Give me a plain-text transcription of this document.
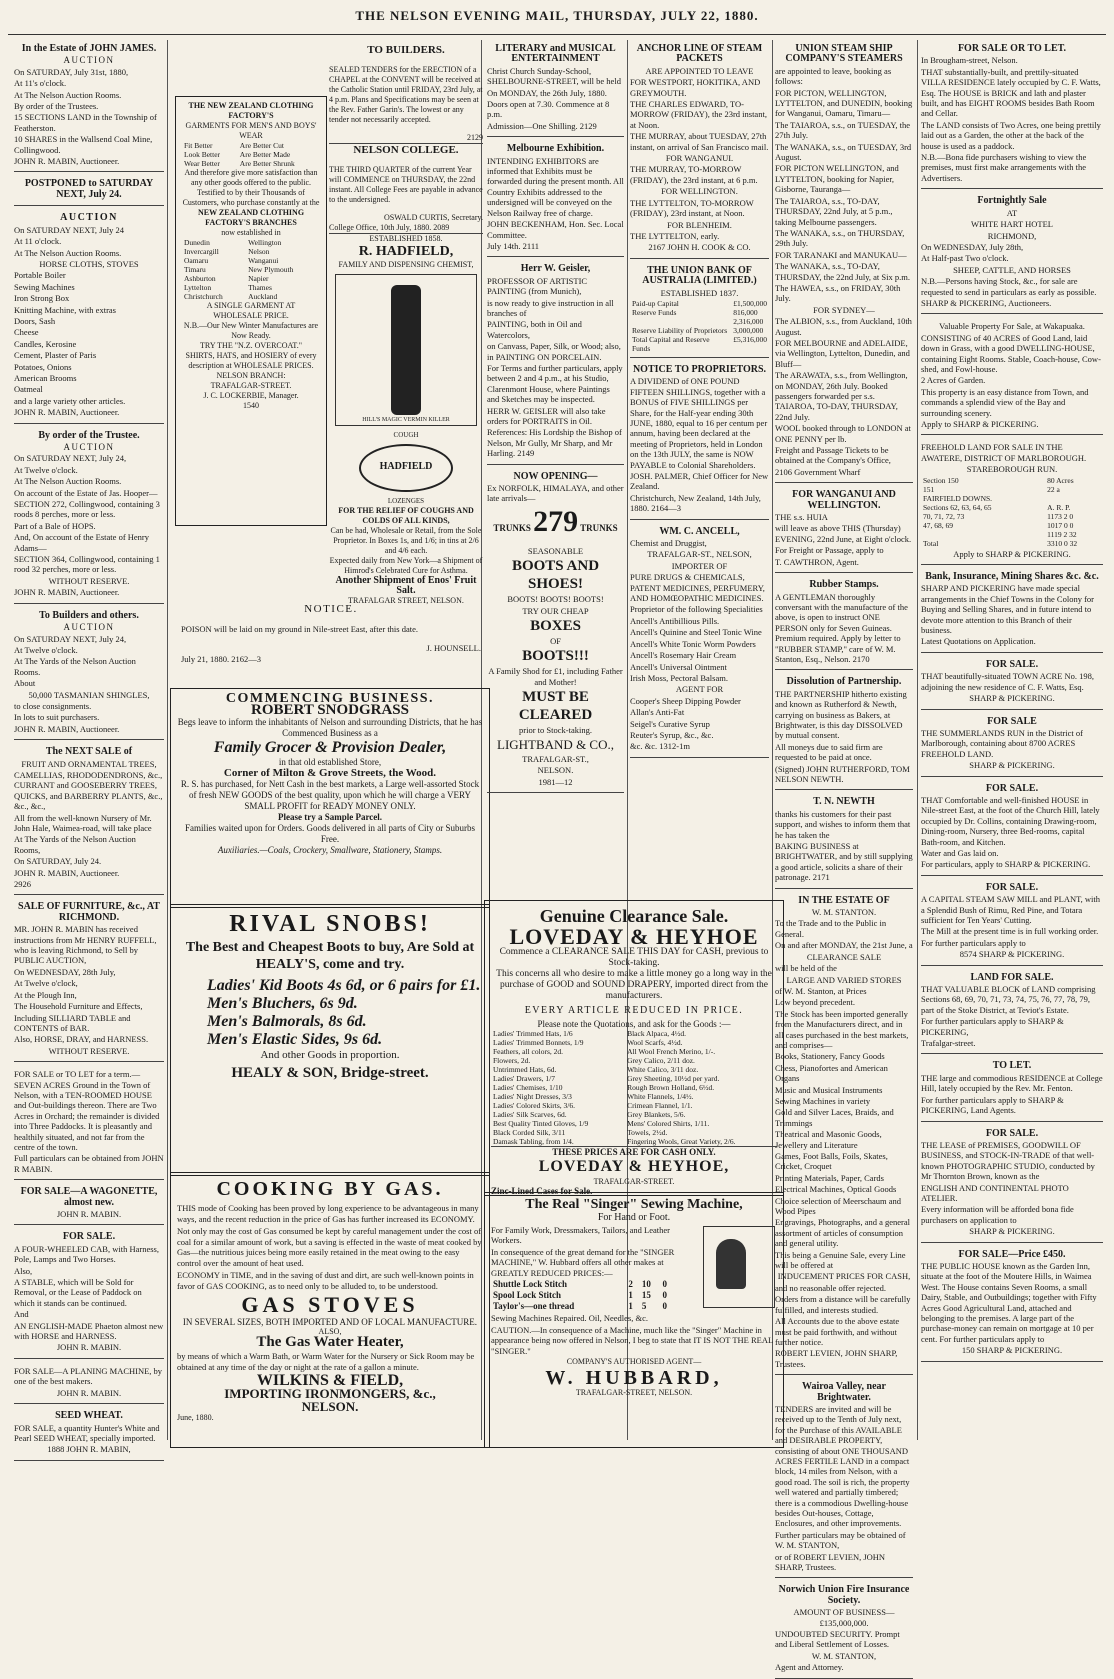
THE NELSON EVENING MAIL, THURSDAY, JULY 22, 1880.

In the Estate of JOHN JAMES.

AUCTION

On SATURDAY, July 31st, 1880,

At 11's o'clock.

At The Nelson Auction Rooms.

By order of the Trustees.

15 SECTIONS LAND in the Township of Featherston.

10 SHARES in the Wallsend Coal Mine, Collingwood.

JOHN R. MABIN, Auctioneer.

POSTPONED to SATURDAY NEXT, July 24.

AUCTION

On SATURDAY NEXT, July 24

At 11 o'clock.

At The Nelson Auction Rooms.

HORSE CLOTHS, STOVES

Portable Boiler

Sewing Machines

Iron Strong Box

Knitting Machine, with extras

Doors, Sash

Cheese

Candles, Kerosine

Cement, Plaster of Paris

Potatoes, Onions

American Brooms

Oatmeal

and a large variety other articles.

JOHN R. MABIN, Auctioneer.

By order of the Trustee.

AUCTION

On SATURDAY NEXT, July 24,

At Twelve o'clock.

At The Nelson Auction Rooms.

On account of the Estate of Jas. Hooper—

SECTION 272, Collingwood, containing 3 roods 8 perches, more or less.

Part of a Bale of HOPS.

And, On account of the Estate of Henry Adams—

SECTION 364, Collingwood, containing 1 rood 32 perches, more or less.

WITHOUT RESERVE.

JOHN R. MABIN, Auctioneer.

To Builders and others.

AUCTION

On SATURDAY NEXT, July 24,

At Twelve o'clock.

At The Yards of the Nelson Auction Rooms.

About

50,000 TASMANIAN SHINGLES,

to close consignments.

In lots to suit purchasers.

JOHN R. MABIN, Auctioneer.

The NEXT SALE of

FRUIT AND ORNAMENTAL TREES,

CAMELLIAS, RHODODENDRONS, &c., CURRANT and GOOSEBERRY TREES, QUICKS, and BARBERRY PLANTS, &c., &c., &c.,

All from the well-known Nursery of Mr. John Hale, Waimea-road, will take place

At The Yards of the Nelson Auction Rooms,

On SATURDAY, July 24.

JOHN R. MABIN, Auctioneer.

2926

SALE OF FURNITURE, &c., AT RICHMOND.

MR. JOHN R. MABIN has received instructions from Mr HENRY RUFFELL, who is leaving Richmond, to Sell by PUBLIC AUCTION,

On WEDNESDAY, 28th July,

At Twelve o'clock,

At the Plough Inn,

The Household Furniture and Effects,

Including SILLIARD TABLE and CONTENTS of BAR.

Also, HORSE, DRAY, and HARNESS.

WITHOUT RESERVE.

FOR SALE or TO LET for a term.—SEVEN ACRES Ground in the Town of Nelson, with a TEN-ROOMED HOUSE and Out-buildings thereon. There are Two Acres in Orchard; the remainder is divided into Three Paddocks. It is pleasantly and healthily situated, and not far from the centre of the town.

Full particulars can be obtained from JOHN R MABIN.

FOR SALE—A WAGONETTE, almost new.

JOHN R. MABIN.

FOR SALE.

A FOUR-WHEELED CAB, with Harness, Pole, Lamps and Two Horses.

Also,

A STABLE, which will be Sold for Removal, or the Lease of Paddock on which it stands can be continued.

And

AN ENGLISH-MADE Phaeton almost new with HORSE and HARNESS.

JOHN R. MABIN.

FOR SALE—A PLANING MACHINE, by one of the best makers.

JOHN R. MABIN.

SEED WHEAT.

FOR SALE, a quantity Hunter's White and Pearl SEED WHEAT, specially imported.

1888 JOHN R. MABIN,

THE NEW ZEALAND CLOTHING FACTORY'S
GARMENTS FOR MEN'S AND BOYS' WEAR
Fit Better	Are Better Cut
Look Better	Are Better Made
Wear Better	Are Better Shrunk
And therefore give more satisfaction than any other goods offered to the public.
Testified to by their Thousands of Customers, who purchase constantly at the
NEW ZEALAND CLOTHING FACTORY'S BRANCHES
now established in
Dunedin	Wellington
Invercargill	Nelson
Oamaru	Wanganui
Timaru	New Plymouth
Ashburton	Napier
Lyttelton	Thames
Christchurch	Auckland
A SINGLE GARMENT AT WHOLESALE PRICE.
N.B.—Our New Winter Manufactures are Now Ready.
TRY THE "N.Z. OVERCOAT."
SHIRTS, HATS, and HOSIERY of every description at WHOLESALE PRICES.
NELSON BRANCH:
TRAFALGAR-STREET.
J. C. LOCKERBIE, Manager.
1540
TO BUILDERS.

SEALED TENDERS for the ERECTION of a CHAPEL at the CONVENT will be received at the Catholic Station until FRIDAY, 23rd July, at 4 p.m. Plans and Specifications may be seen at the Rev. Father Garin's. The lowest or any tender not necessarily accepted.

2129
NELSON COLLEGE.

THE THIRD QUARTER of the current Year will COMMENCE on THURSDAY, the 22nd instant. All College Fees are payable in advance to the undersigned.

OSWALD CURTIS, Secretary.
College Office, 10th July, 1880. 2089
ESTABLISHED 1858.
R. HADFIELD,
FAMILY AND DISPENSING CHEMIST,
HILL'S MAGIC VERMIN KILLER
COUGH
HADFIELD
LOZENGES
FOR THE RELIEF OF COUGHS AND COLDS OF ALL KINDS,
Can be had, Wholesale or Retail, from the Sole Proprietor. In Boxes 1s, and 1/6; in tins at 2/6 and 4/6 each.
Expected daily from New York—a Shipment of Himrod's Celebrated Cure for Asthma.
Another Shipment of Enos' Fruit Salt.
TRAFALGAR STREET, NELSON.
NOTICE.

POISON will be laid on my ground in Nile-street East, after this date.

J. HOUNSELL.
July 21, 1880. 2162—3
COMMENCING BUSINESS.
ROBERT SNODGRASS
Begs leave to inform the inhabitants of Nelson and surrounding Districts, that he has Commenced Business as a
Family Grocer & Provision Dealer,
in that old established Store,
Corner of Milton & Grove Streets, the Wood.
R. S. has purchased, for Nett Cash in the best markets, a Large well-assorted Stock of fresh NEW GOODS of the best quality, upon which he will charge a VERY SMALL PROFIT for READY MONEY ONLY.
Please try a Sample Parcel.
Families waited upon for Orders. Goods delivered in all parts of City or Suburbs Free.
Auxiliaries.—Coals, Crockery, Smallware, Stationery, Stamps.
RIVAL SNOBS!
The Best and Cheapest Boots to buy, Are Sold at HEALY'S, come and try.
Ladies' Kid Boots 4s 6d, or 6 pairs for £1.
Men's Bluchers, 6s 9d.
Men's Balmorals, 8s 6d.
Men's Elastic Sides, 9s 6d.
And other Goods in proportion.
HEALY & SON, Bridge-street.
COOKING BY GAS.

THIS mode of Cooking has been proved by long experience to be advantageous in many ways, and the recent reduction in the price of Gas has further increased its ECONOMY.

Not only may the cost of Gas consumed be kept by careful management under the cost of coal for a similar amount of work, but a saving is effected in the waste of meat cooked by Gas—the nutritious juices being more easily retained in the meat owing to the easy control over the amount of heat used.

ECONOMY in TIME, and in the saving of dust and dirt, are such well-known points in favor of GAS COOKING, as to need only to be alluded to, to be understood.

GAS STOVES
IN SEVERAL SIZES, BOTH IMPORTED AND OF LOCAL MANUFACTURE.
ALSO,
The Gas Water Heater,

by means of which a Warm Bath, or Warm Water for the Nursery or Sick Room may be obtained at any time of the day or night at the rate of a gallon a minute.

WILKINS & FIELD,
IMPORTING IRONMONGERS, &c.,
NELSON.
June, 1880.

LITERARY and MUSICAL ENTERTAINMENT

Christ Church Sunday-School, SHELBOURNE-STREET, will be held

On MONDAY, the 26th July, 1880.

Doors open at 7.30. Commence at 8 p.m.

Admission—One Shilling. 2129

Melbourne Exhibition.

INTENDING EXHIBITORS are informed that Exhibits must be forwarded during the present month. All Country Exhibits addressed to the undersigned will be conveyed on the Nelson Railway free of charge.

JOHN BECKENHAM, Hon. Sec. Local Committee.

July 14th. 2111

Herr W. Geisler,

PROFESSOR OF ARTISTIC PAINTING (from Munich),

is now ready to give instruction in all branches of

PAINTING, both in Oil and Watercolors,

on Canvass, Paper, Silk, or Wood; also, in PAINTING ON PORCELAIN.

For Terms and further particulars, apply between 2 and 4 p.m., at his Studio, Clarenmont House, where Paintings and Sketches may be inspected.

HERR W. GEISLER will also take orders for PORTRAITS in Oil.

References: His Lordship the Bishop of Nelson, Mr Gully, Mr Sharp, and Mr Harling. 2149

NOW OPENING—

Ex NORFOLK, HIMALAYA, and other late arrivals—

TRUNKS 279 TRUNKS

SEASONABLE

BOOTS AND SHOES!

BOOTS! BOOTS! BOOTS!

TRY OUR CHEAP

BOXES

OF

BOOTS!!!

A Family Shod for £1, including Father and Mother!

MUST BE CLEARED

prior to Stock-taking.

LIGHTBAND & CO.,

TRAFALGAR-ST.,

NELSON.

1981—12

ANCHOR LINE OF STEAM PACKETS

ARE APPOINTED TO LEAVE

FOR WESTPORT, HOKITIKA, AND GREYMOUTH.

THE CHARLES EDWARD, TO-MORROW (FRIDAY), the 23rd instant, at Noon.

THE MURRAY, about TUESDAY, 27th instant, on arrival of San Francisco mail.

FOR WANGANUI.

THE MURRAY, TO-MORROW (FRIDAY), the 23rd instant, at 6 p.m.

FOR WELLINGTON.

THE LYTTELTON, TO-MORROW (FRIDAY), 23rd instant, at Noon.

FOR BLENHEIM.

THE LYTTELTON, early.

2167 JOHN H. COOK & CO.

THE UNION BANK OF AUSTRALIA (LIMITED.)

ESTABLISHED 1837.

Paid-up Capital	£1,500,000
Reserve Funds	816,000
	2,316,000
Reserve Liability of Proprietors	3,000,000
Total Capital and Reserve Funds	£5,316,000

NOTICE TO PROPRIETORS.

A DIVIDEND of ONE POUND FIFTEEN SHILLINGS, together with a BONUS of FIVE SHILLINGS per Share, for the Half-year ending 30th JUNE, 1880, equal to 16 per centum per annum, having been declared at the meeting of Proprietors, held in London on the 13th JULY, the same is NOW PAYABLE to Colonial Shareholders.

JOSH. PALMER, Chief Officer for New Zealand.

Christchurch, New Zealand, 14th July, 1880. 2164—3

WM. C. ANCELL,

Chemist and Druggist,

TRAFALGAR-ST., NELSON,

IMPORTER OF

PURE DRUGS & CHEMICALS, PATENT MEDICINES, PERFUMERY, AND HOMŒOPATHIC MEDICINES.

Proprietor of the following Specialities

Ancell's Antibillious Pills.

Ancell's Quinine and Steel Tonic Wine

Ancell's White Tonic Worm Powders

Ancell's Rosemary Hair Cream

Ancell's Universal Ointment

Irish Moss, Pectoral Balsam.

AGENT FOR

Cooper's Sheep Dipping Powder

Allan's Anti-Fat

Seigel's Curative Syrup

Reuter's Syrup, &c., &c.

&c. &c. 1312-1m

UNION STEAM SHIP COMPANY'S STEAMERS

are appointed to leave, booking as follows:

FOR PICTON, WELLINGTON, LYTTELTON, and DUNEDIN, booking for Wanganui, Oamaru, Timaru—

The TAIAROA, s.s., on TUESDAY, the 27th July.

The WANAKA, s.s., on TUESDAY, 3rd August.

FOR PICTON WELLINGTON, and LYTTELTON, booking for Napier, Gisborne, Tauranga—

The TAIAROA, s.s., TO-DAY, THURSDAY, 22nd July, at 5 p.m., taking Melbourne passengers.

The WANAKA, s.s., on THURSDAY, 29th July.

FOR TARANAKI and MANUKAU—

The WANAKA, s.s., TO-DAY, THURSDAY, the 22nd July, at Six p.m.

The HAWEA, s.s., on FRIDAY, 30th July.

FOR SYDNEY—

The ALBION, s.s., from Auckland, 10th August.

FOR MELBOURNE and ADELAIDE, via Wellington, Lyttelton, Dunedin, and Bluff—

The ARAWATA, s.s., from Wellington, on MONDAY, 26th July. Booked passengers forwarded per s.s. TAIAROA, TO-DAY, THURSDAY, 22nd July.

WOOL booked through to LONDON at ONE PENNY per lb.

Freight and Passage Tickets to be obtained at the Company's Office,

2106 Government Wharf

FOR WANGANUI AND WELLINGTON.

THE s.s. HUIA

will leave as above THIS (Thursday) EVENING, 22nd June, at Eight o'clock.

For Freight or Passage, apply to

T. CAWTHRON, Agent.

Rubber Stamps.

A GENTLEMAN thoroughly conversant with the manufacture of the above, is open to instruct ONE PERSON only for Seven Guineas. Premium required. Apply by letter to "RUBBER STAMP," care of W. M. Stanton, Esq., Nelson. 2170

Dissolution of Partnership.

THE PARTNERSHIP hitherto existing and known as Rutherford & Newth, carrying on business as Bakers, at Brightwater, is this day DISSOLVED by mutual consent.

All moneys due to said firm are requested to be paid at once.

(Signed) JOHN RUTHERFORD, TOM NELSON NEWTH.

T. N. NEWTH

thanks his customers for their past support, and wishes to inform them that he has taken the

BAKING BUSINESS at BRIGHTWATER, and by still supplying a good article, solicits a share of their patronage. 2171

IN THE ESTATE OF

W. M. STANTON.

To the Trade and to the Public in General.

On and after MONDAY, the 21st June, a

CLEARANCE SALE

will be held of the

LARGE AND VARIED STORES

of W. M. Stanton, at Prices

Low beyond precedent.

The Stock has been imported generally from the Manufacturers direct, and in all cases purchased in the best markets, and comprises—

Books, Stationery, Fancy Goods

Chess, Pianofortes and American Organs

Music and Musical Instruments

Sewing Machines in variety

Gold and Silver Laces, Braids, and Trimmings

Theatrical and Masonic Goods, Jewellery and Literature

Games, Foot Balls, Foils, Skates, Cricket, Croquet

Printing Materials, Paper, Cards

Electrical Machines, Optical Goods

Choice selection of Meerschaum and Wood Pipes

Engravings, Photographs, and a general assortment of articles of consumption and general utility.

This being a Genuine Sale, every Line will be offered at

INDUCEMENT PRICES FOR CASH,

and no reasonable offer rejected.

Orders from a distance will be carefully fulfilled, and interests studied.

All Accounts due to the above estate must be paid forthwith, and without further notice.

ROBERT LEVIEN, JOHN SHARP, Trustees.

Wairoa Valley, near Brightwater.

TENDERS are invited and will be received up to the Tenth of July next, for the Purchase of this AVAILABLE and DESIRABLE PROPERTY, consisting of about ONE THOUSAND ACRES FERTILE LAND in a compact block, 14 miles from Nelson, with a good road. The soil is rich, the property well watered and partially timbered; there is a commodious Dwelling-house besides Out-houses, Cottage, Enclosures, and other improvements.

Further particulars may be obtained of W. M. STANTON,

or of ROBERT LEVIEN, JOHN SHARP, Trustees.

Norwich Union Fire Insurance Society.

AMOUNT OF BUSINESS—£135,000,000.

UNDOUBTED SECURITY. Prompt and Liberal Settlement of Losses.

W. M. STANTON,

Agent and Attorney.

FOR SALE OR TO LET.

In Brougham-street, Nelson.

THAT substantially-built, and prettily-situated VILLA RESIDENCE lately occupied by C. F. Watts, Esq. The HOUSE is BRICK and lath and plaster built, and has EIGHT ROOMS besides Bath Room and Cellar.

The LAND consists of Two Acres, one being prettily laid out as a Garden, the other at the back of the house is used as a paddock.

N.B.—Bona fide purchasers wishing to view the premises, must first make arrangements with the Advertisers.

Fortnightly Sale

AT

WHITE HART HOTEL

RICHMOND,

On WEDNESDAY, July 28th,

At Half-past Two o'clock.

SHEEP, CATTLE, AND HORSES

N.B.—Persons having Stock, &c., for sale are requested to send in particulars as early as possible.

SHARP & PICKERING, Auctioneers.

Valuable Property For Sale, at Wakapuaka.

CONSISTING of 40 ACRES of Good Land, laid down in Grass, with a good DWELLING-HOUSE, containing Eight Rooms. Stable, Coach-house, Cow-shed, and Fowl-house.

2 Acres of Garden.

This property is an easy distance from Town, and commands a splendid view of the Bay and surrounding scenery.

Apply to SHARP & PICKERING.

FREEHOLD LAND FOR SALE IN THE AWATERE, DISTRICT OF MARLBOROUGH.

STAREBOROUGH RUN.

Section 150	80 Acres
151	22 a
FAIRFIELD DOWNS.	
Sections 62, 63, 64, 65	A. R. P.
70, 71, 72, 73	1173 2 0
47, 68, 69	1017 0 0
	1119 2 32
Total	3310 0 32

Apply to SHARP & PICKERING.

Bank, Insurance, Mining Shares &c. &c.

SHARP AND PICKERING have made special arrangements in the Chief Towns in the Colony for Buying and Selling Shares, and in future intend to devote more attention to this Branch of their business.

Latest Quotations on Application.

FOR SALE.

THAT beautifully-situated TOWN ACRE No. 198, adjoining the new residence of C. F. Watts, Esq.

SHARP & PICKERING.

FOR SALE

THE SUMMERLANDS RUN in the District of Marlborough, containing about 8700 ACRES FREEHOLD LAND.

SHARP & PICKERING.

FOR SALE.

THAT Comfortable and well-finished HOUSE in Nile-street East, at the foot of the Church Hill, lately occupied by Dr. Collins, containing Drawing-room, Dining-room, Nursery, three Bed-rooms, capital Bath-room, and Kitchen.

Water and Gas laid on.

For particulars, apply to SHARP & PICKERING.

FOR SALE.

A CAPITAL STEAM SAW MILL and PLANT, with a Splendid Bush of Rimu, Red Pine, and Totara sufficient for Ten Years' Cutting.

The Mill at the present time is in full working order.

For further particulars apply to

8574 SHARP & PICKERING.

LAND FOR SALE.

THAT VALUABLE BLOCK of LAND comprising Sections 68, 69, 70, 71, 73, 74, 75, 76, 77, 78, 79, part of the Stoke District, at Teviot's Estate.

For further particulars apply to SHARP & PICKERING,

Trafalgar-street.

TO LET.

THE large and commodious RESIDENCE at College Hill, lately occupied by the Rev. Mr. Fenton.

For further particulars apply to SHARP & PICKERING, Land Agents.

FOR SALE.

THE LEASE of PREMISES, GOODWILL OF BUSINESS, and STOCK-IN-TRADE of that well-known PHOTOGRAPHIC STUDIO, conducted by Mr Thornton Brown, known as the

ENGLISH AND CONTINENTAL PHOTO ATELIER.

Every information will be afforded bona fide purchasers on application to

SHARP & PICKERING.

FOR SALE—Price £450.

THE PUBLIC HOUSE known as the Garden Inn, situate at the foot of the Moutere Hills, in Waimea West. The House contains Seven Rooms, a small Dairy, Stable, and Outbuildings; together with Fifty Acres Good Agricultural Land, attached and belonging to the premises. A large part of the purchase-money can remain on mortgage at 10 per cent. For further particulars apply to

150 SHARP & PICKERING.

Genuine Clearance Sale.
LOVEDAY & HEYHOE
Commence a CLEARANCE SALE THIS DAY for CASH, previous to Stock-taking.
This concerns all who desire to make a little money go a long way in the purchase of GOOD and SOUND DRAPERY, imported direct from the manufacturers.
EVERY ARTICLE REDUCED IN PRICE.
Please note the Quotations, and ask for the Goods :—
Ladies' Trimmed Hats, 1/6	Black Alpaca, 4½d.
Ladies' Trimmed Bonnets, 1/9	Wool Scarfs, 4½d.
Feathers, all colors, 2d.	All Wool French Merino, 1/-.
Flowers, 2d.	Grey Calico, 2/11 doz.
Untrimmed Hats, 6d.	White Calico, 3/11 doz.
Ladies' Drawers, 1/7	Grey Sheeting, 10½d per yard.
Ladies' Chemises, 1/10	Rough Brown Holland, 6½d.
Ladies' Night Dresses, 3/3	White Flannels, 1/4½.
Ladies' Colored Skirts, 3/6.	Crimean Flannel, 1/1.
Ladies' Silk Scarves, 6d.	Grey Blankets, 5/6.
Best Quality Tinted Gloves, 1/9	Mens' Colored Shirts, 1/11.
Black Corded Silk, 3/11	Towels, 2½d.
Damask Tabling, from 1/4.	Fingering Wools, Great Variety, 2/6.
THESE PRICES ARE FOR CASH ONLY.
LOVEDAY & HEYHOE,
TRAFALGAR-STREET.
Zinc-Lined Cases for Sale.
The Real "Singer" Sewing Machine,
For Hand or Foot.

For Family Work, Dressmakers, Tailors, and Leather Workers.

In consequence of the great demand for the "SINGER MACHINE," W. Hubbard offers all other makes at GREATLY REDUCED PRICES:—

Shuttle Lock Stitch	2	10	0
Spool Lock Stitch	1	15	0
Taylor's—one thread	1	5	0

Sewing Machines Repaired. Oil, Needles, &c.

CAUTION.—In consequence of a Machine, much like the "Singer" Machine in appearance being now offered in Nelson, I beg to state that IT IS NOT THE REAL "SINGER."

COMPANY'S AUTHORISED AGENT—
W. HUBBARD,
TRAFALGAR-STREET, NELSON.
